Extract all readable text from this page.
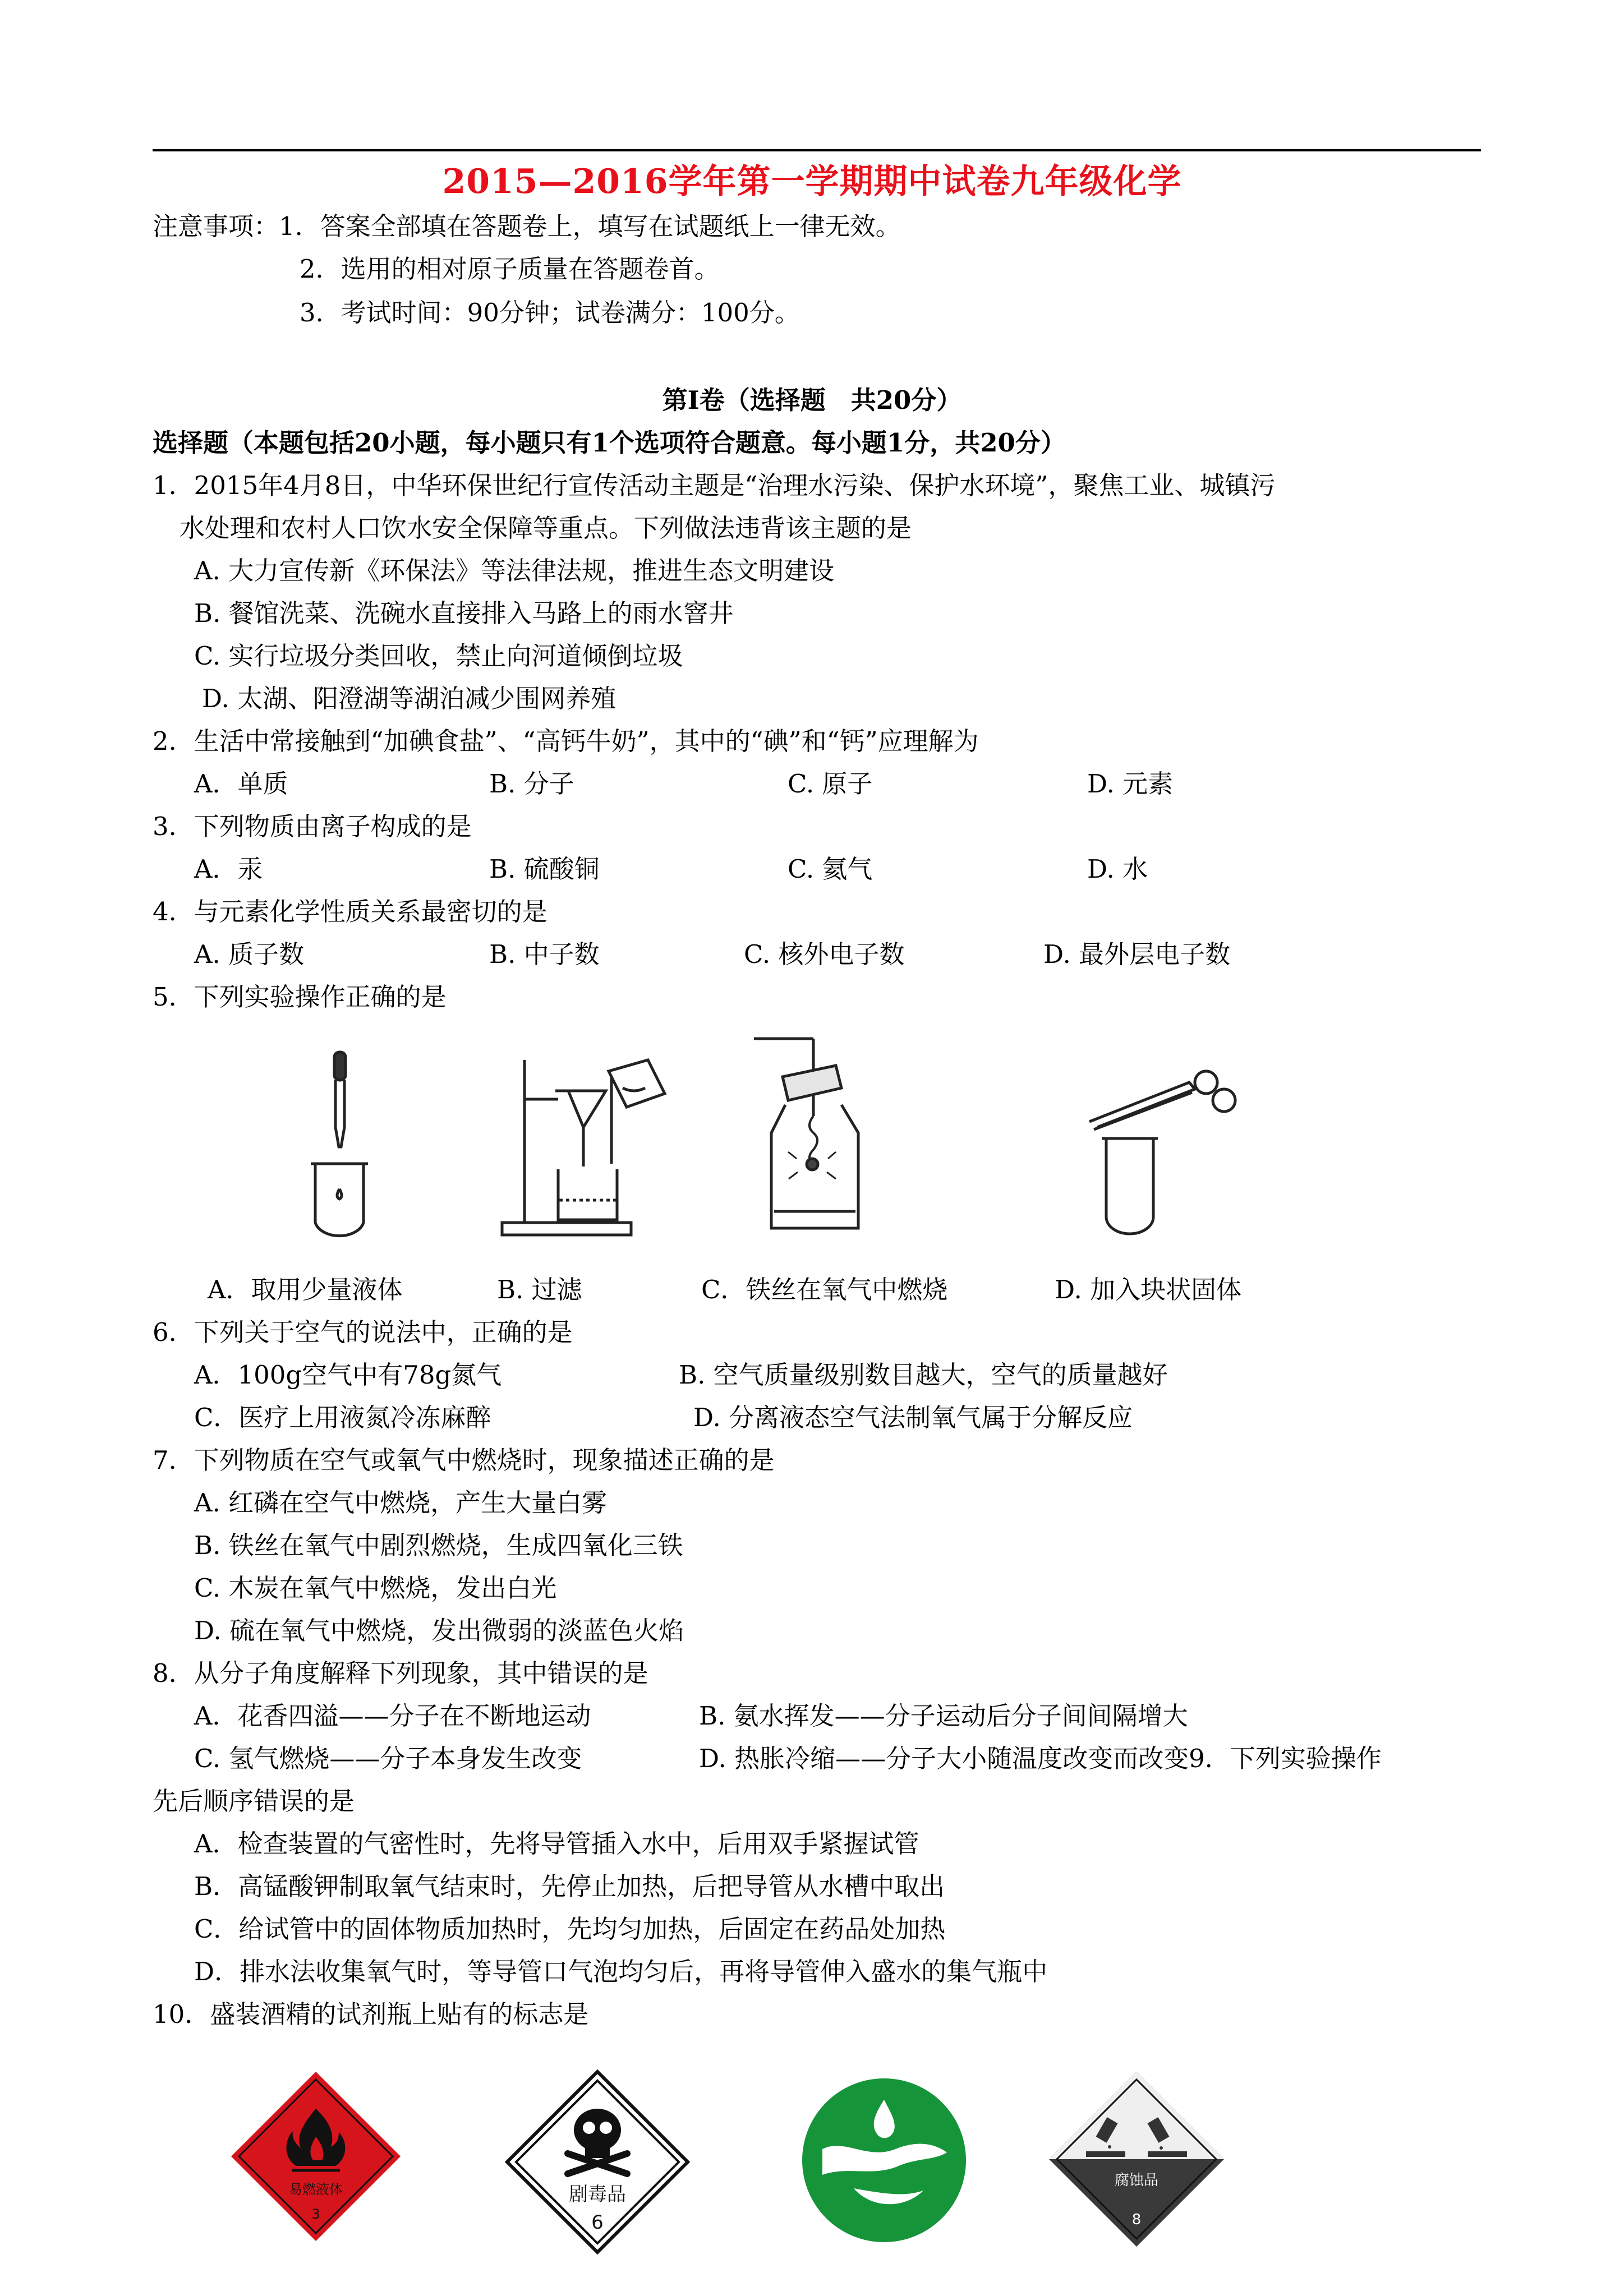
2015—2016学年第一学期期中试卷九年级化学
注意事项：1．答案全部填在答题卷上，填写在试题纸上一律无效。
2．选用的相对原子质量在答题卷首。
3．考试时间：90分钟；试卷满分：100分。
第Ⅰ卷（选择题　共20分）
选择题（本题包括20小题，每小题只有1个选项符合题意。每小题1分，共20分）
1．2015年4月8日，中华环保世纪行宣传活动主题是“治理水污染、保护水环境”，聚焦工业、城镇污
水处理和农村人口饮水安全保障等重点。下列做法违背该主题的是
A. 大力宣传新《环保法》等法律法规，推进生态文明建设
B. 餐馆洗菜、洗碗水直接排入马路上的雨水窨井
C. 实行垃圾分类回收，禁止向河道倾倒垃圾
D. 太湖、阳澄湖等湖泊减少围网养殖
2．生活中常接触到“加碘食盐”、“高钙牛奶”，其中的“碘”和“钙”应理解为
A．单质	B. 分子	C. 原子	D. 元素
3．下列物质由离子构成的是
A．汞	B. 硫酸铜	C. 氦气	D. 水
4．与元素化学性质关系最密切的是
A. 质子数	B. 中子数	C. 核外电子数	D. 最外层电子数
5．下列实验操作正确的是
A．取用少量液体	B. 过滤	C．铁丝在氧气中燃烧	D. 加入块状固体
6．下列关于空气的说法中，正确的是
A．100g空气中有78g氮气	B. 空气质量级别数目越大，空气的质量越好
C．医疗上用液氮冷冻麻醉	D. 分离液态空气法制氧气属于分解反应
7．下列物质在空气或氧气中燃烧时，现象描述正确的是
A. 红磷在空气中燃烧，产生大量白雾
B. 铁丝在氧气中剧烈燃烧，生成四氧化三铁
C. 木炭在氧气中燃烧，发出白光
D. 硫在氧气中燃烧，发出微弱的淡蓝色火焰
8．从分子角度解释下列现象，其中错误的是
A．花香四溢——分子在不断地运动	B. 氨水挥发——分子运动后分子间间隔增大
C. 氢气燃烧——分子本身发生改变	D. 热胀冷缩——分子大小随温度改变而改变9．下列实验操作
先后顺序错误的是
A．检查装置的气密性时，先将导管插入水中，后用双手紧握试管
B．高锰酸钾制取氧气结束时，先停止加热，后把导管从水槽中取出
C．给试管中的固体物质加热时，先均匀加热，后固定在药品处加热
D．排水法收集氧气时，等导管口气泡均匀后，再将导管伸入盛水的集气瓶中
10．盛装酒精的试剂瓶上贴有的标志是
易燃液体
3
剧毒品
6
腐蚀品
8
